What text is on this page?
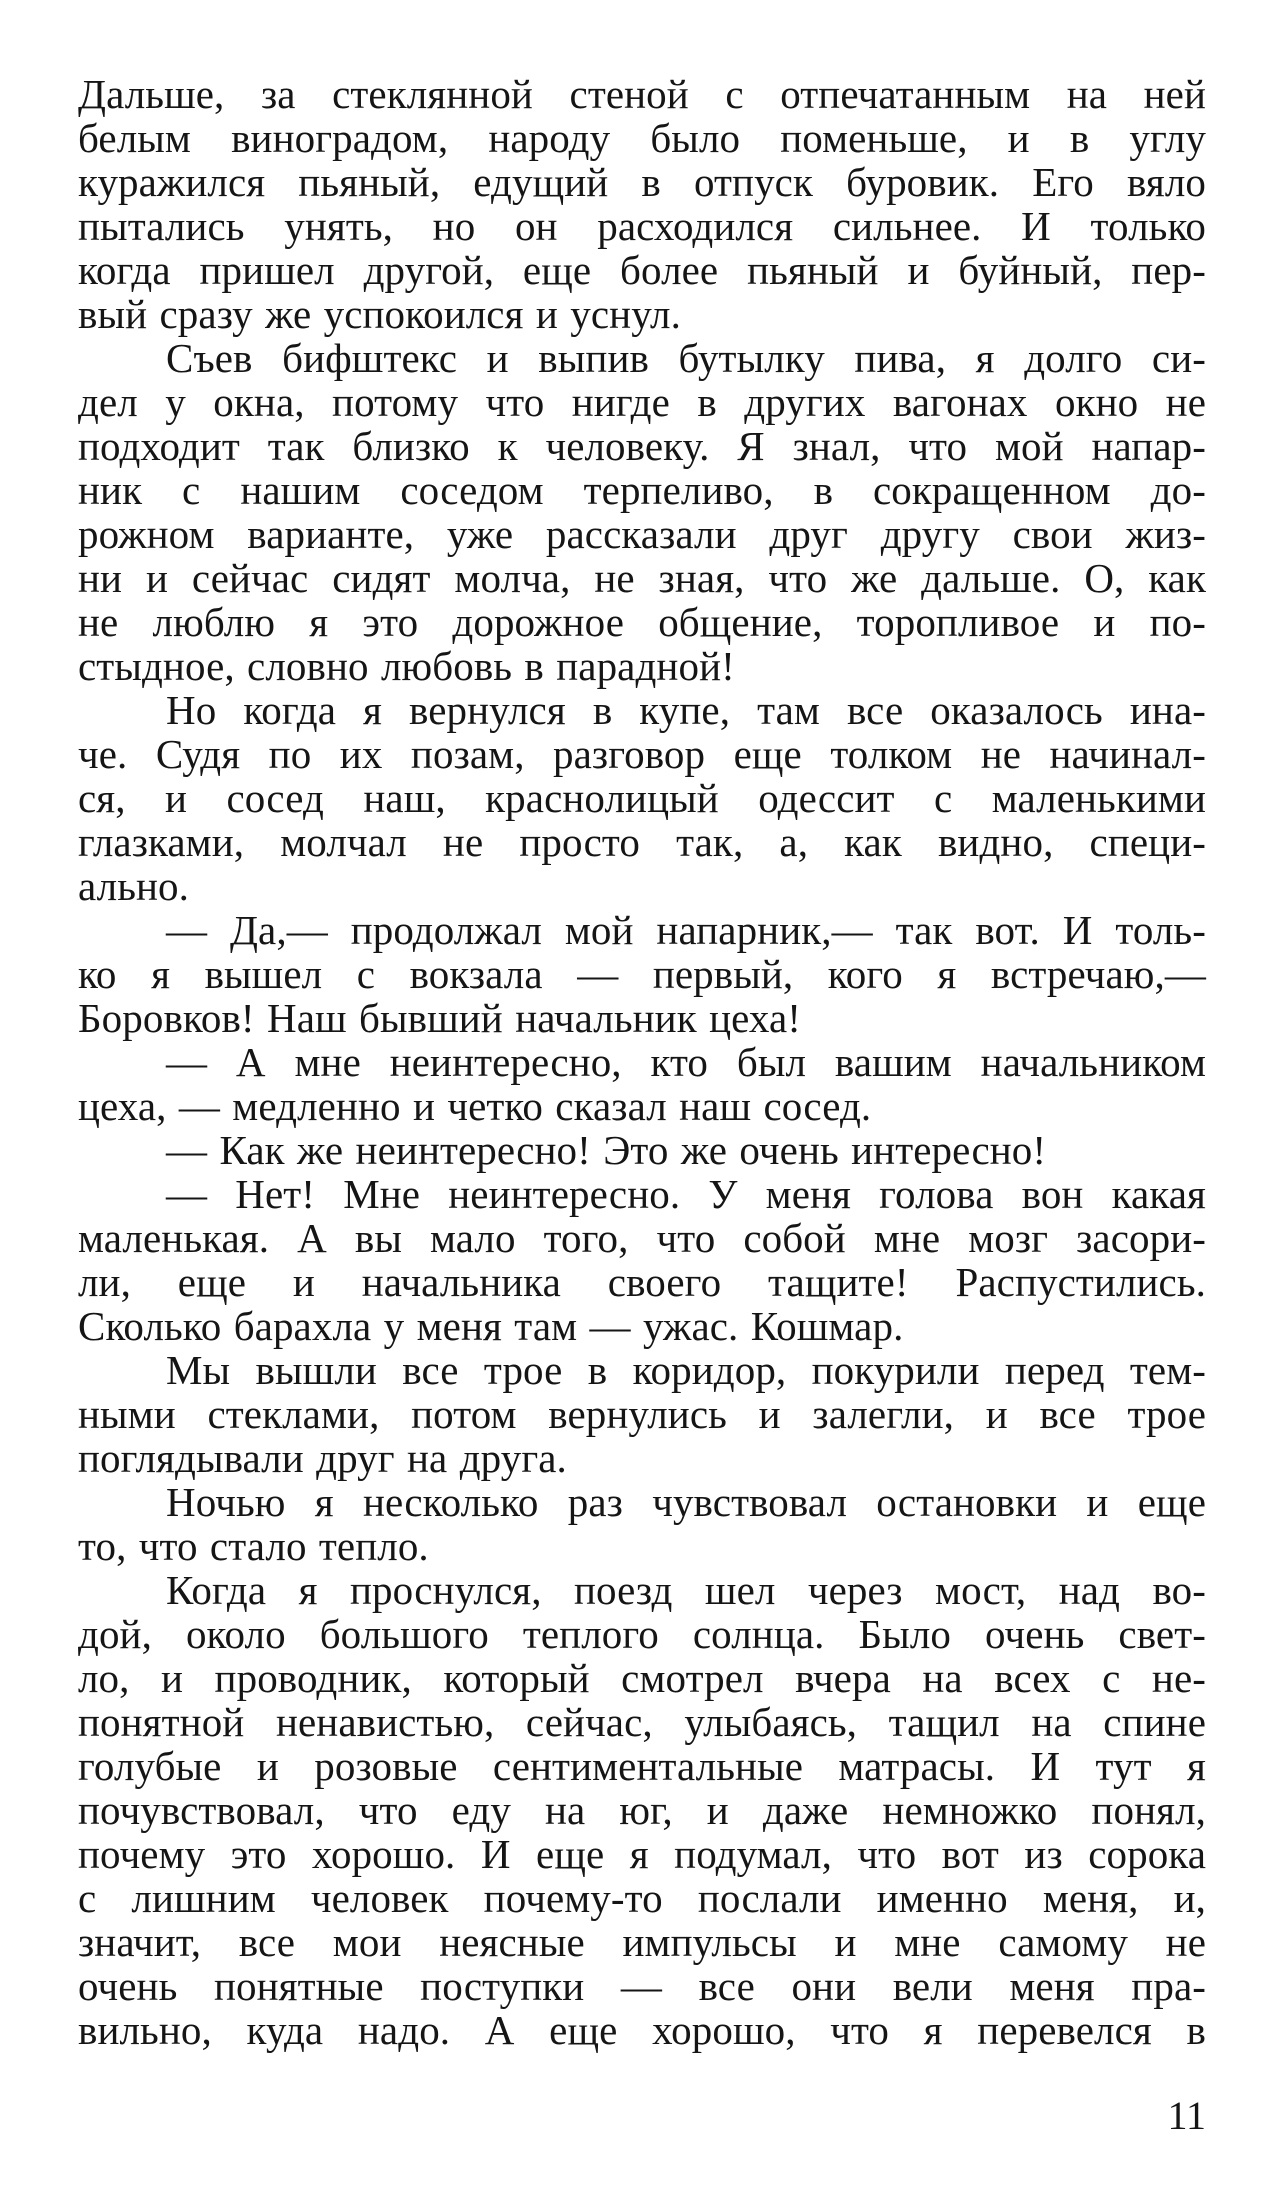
Дальше, за стеклянной стеной с отпечатанным на ней
белым виноградом, народу было поменьше, и в углу
куражился пьяный, едущий в отпуск буровик. Его вяло
пытались унять, но он расходился сильнее. И только
когда пришел другой, еще более пьяный и буйный, пер-
вый сразу же успокоился и уснул.
Съев бифштекс и выпив бутылку пива, я долго си-
дел у окна, потому что нигде в других вагонах окно не
подходит так близко к человеку. Я знал, что мой напар-
ник с нашим соседом терпеливо, в сокращенном до-
рожном варианте, уже рассказали друг другу свои жиз-
ни и сейчас сидят молча, не зная, что же дальше. О, как
не люблю я это дорожное общение, торопливое и по-
стыдное, словно любовь в парадной!
Но когда я вернулся в купе, там все оказалось ина-
че. Судя по их позам, разговор еще толком не начинал-
ся, и сосед наш, краснолицый одессит с маленькими
глазками, молчал не просто так, а, как видно, специ-
ально.
— Да,— продолжал мой напарник,— так вот. И толь-
ко я вышел с вокзала — первый, кого я встречаю,—
Боровков! Наш бывший начальник цеха!
— А мне неинтересно, кто был вашим начальником
цеха, — медленно и четко сказал наш сосед.
— Как же неинтересно! Это же очень интересно!
— Нет! Мне неинтересно. У меня голова вон какая
маленькая. А вы мало того, что собой мне мозг засори-
ли, еще и начальника своего тащите! Распустились.
Сколько барахла у меня там — ужас. Кошмар.
Мы вышли все трое в коридор, покурили перед тем-
ными стеклами, потом вернулись и залегли, и все трое
поглядывали друг на друга.
Ночью я несколько раз чувствовал остановки и еще
то, что стало тепло.
Когда я проснулся, поезд шел через мост, над во-
дой, около большого теплого солнца. Было очень свет-
ло, и проводник, который смотрел вчера на всех с не-
понятной ненавистью, сейчас, улыбаясь, тащил на спине
голубые и розовые сентиментальные матрасы. И тут я
почувствовал, что еду на юг, и даже немножко понял,
почему это хорошо. И еще я подумал, что вот из сорока
с лишним человек почему-то послали именно меня, и,
значит, все мои неясные импульсы и мне самому не
очень понятные поступки — все они вели меня пра-
вильно, куда надо. А еще хорошо, что я перевелся в
11
